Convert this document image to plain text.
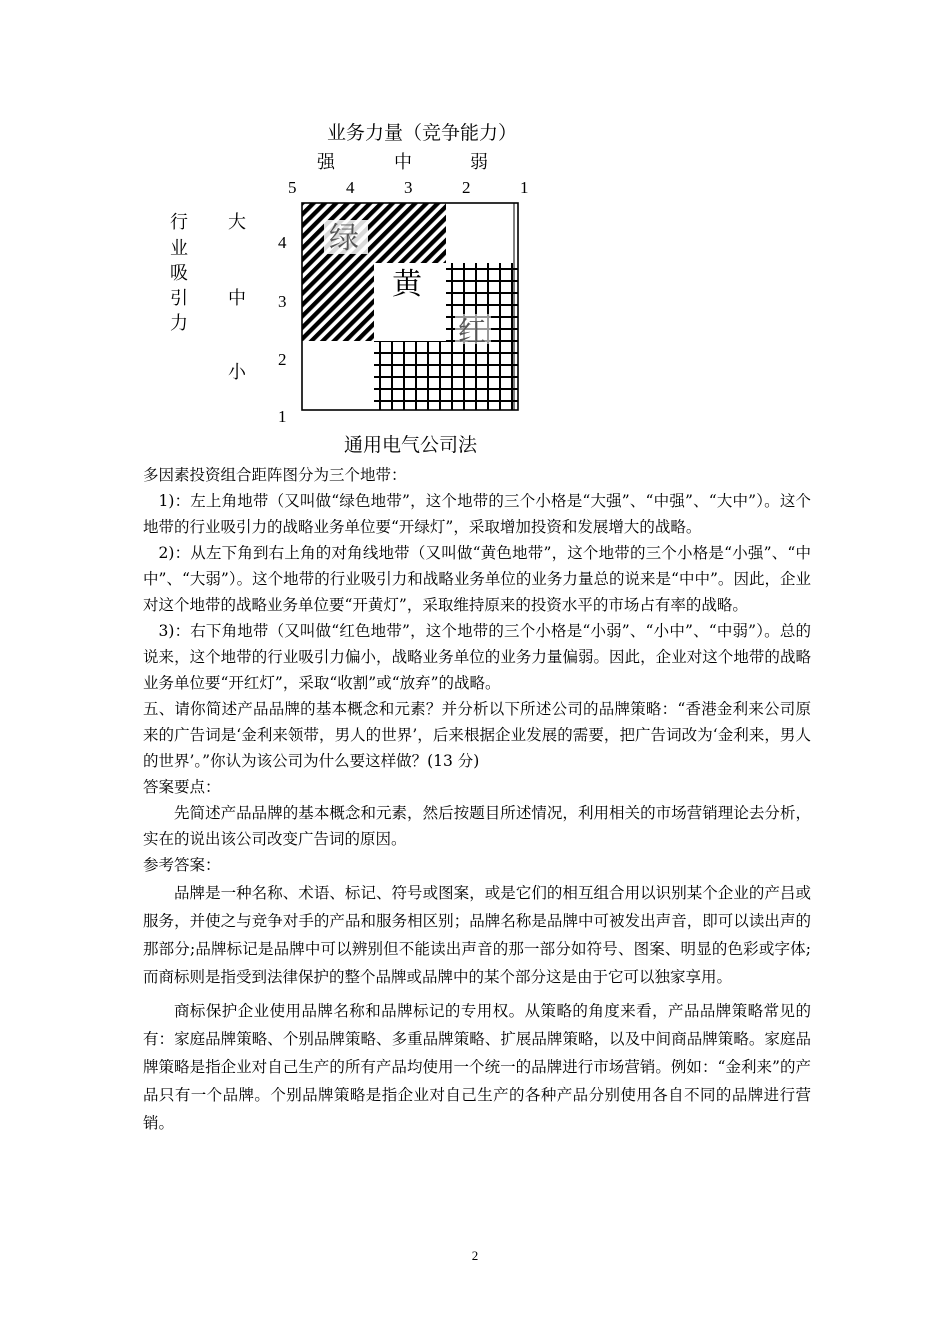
业务力量（竞争能力）
强	中	弱
5	4	3	2	1
行
业
吸
引
力
大
中
小
4
3
2
1
绿
黄
红
通用电气公司法

多因素投资组合距阵图分为三个地带：

1)：左上角地带（又叫做“绿色地带”，这个地带的三个小格是“大强”、“中强”、“大中”）。这个地带的行业吸引力的战略业务单位要“开绿灯”，采取增加投资和发展增大的战略。

2)：从左下角到右上角的对角线地带（又叫做“黄色地带”，这个地带的三个小格是“小强”、“中中”、“大弱”）。这个地带的行业吸引力和战略业务单位的业务力量总的说来是“中中”。因此，企业对这个地带的战略业务单位要“开黄灯”，采取维持原来的投资水平的市场占有率的战略。

3)：右下角地带（又叫做“红色地带”，这个地带的三个小格是“小弱”、“小中”、“中弱”）。总的说来，这个地带的行业吸引力偏小，战略业务单位的业务力量偏弱。因此，企业对这个地带的战略业务单位要“开红灯”，采取“收割”或“放弃”的战略。

五、请你简述产品品牌的基本概念和元素？并分析以下所述公司的品牌策略：“香港金利来公司原来的广告词是‘金利来领带，男人的世界’，后来根据企业发展的需要，把广告词改为‘金利来，男人的世界’。”你认为该公司为什么要这样做？(13 分)

答案要点：

先简述产品品牌的基本概念和元素，然后按题目所述情况，利用相关的市场营销理论去分析，实在的说出该公司改变广告词的原因。

参考答案：

品牌是一种名称、术语、标记、符号或图案，或是它们的相互组合用以识别某个企业的产吕或服务，并使之与竞争对手的产品和服务相区别；品牌名称是品牌中可被发出声音，即可以读出声的那部分;品牌标记是品牌中可以辨别但不能读出声音的那一部分如符号、图案、明显的色彩或字体;而商标则是指受到法律保护的整个品牌或品牌中的某个部分这是由于它可以独家享用。

商标保护企业使用品牌名称和品牌标记的专用权。从策略的角度来看，产品品牌策略常见的有：家庭品牌策略、个别品牌策略、多重品牌策略、扩展品牌策略，以及中间商品牌策略。家庭品牌策略是指企业对自己生产的所有产品均使用一个统一的品牌进行市场营销。例如：“金利来”的产品只有一个品牌。个别品牌策略是指企业对自己生产的各种产品分别使用各自不同的品牌进行营销。

2
